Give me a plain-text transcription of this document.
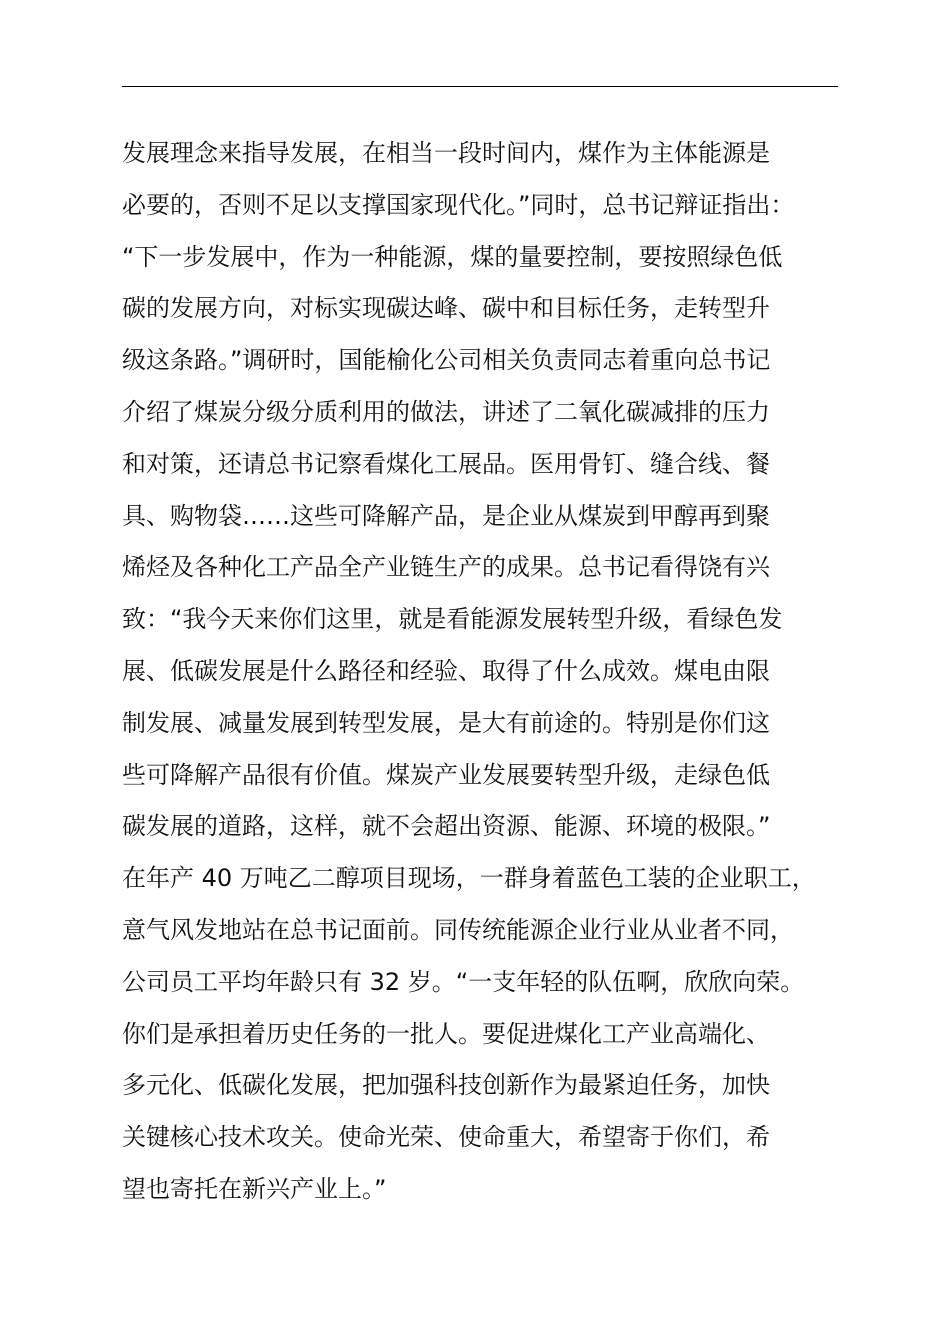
发展理念来指导发展，在相当一段时间内，煤作为主体能源是
必要的，否则不足以支撑国家现代化。”同时，总书记辩证指出：
“下一步发展中，作为一种能源，煤的量要控制，要按照绿色低
碳的发展方向，对标实现碳达峰、碳中和目标任务，走转型升
级这条路。”调研时，国能榆化公司相关负责同志着重向总书记
介绍了煤炭分级分质利用的做法，讲述了二氧化碳减排的压力
和对策，还请总书记察看煤化工展品。医用骨钉、缝合线、餐
具、购物袋……这些可降解产品，是企业从煤炭到甲醇再到聚
烯烃及各种化工产品全产业链生产的成果。总书记看得饶有兴
致：“我今天来你们这里，就是看能源发展转型升级，看绿色发
展、低碳发展是什么路径和经验、取得了什么成效。煤电由限
制发展、减量发展到转型发展，是大有前途的。特别是你们这
些可降解产品很有价值。煤炭产业发展要转型升级，走绿色低
碳发展的道路，这样，就不会超出资源、能源、环境的极限。”
在年产 40 万吨乙二醇项目现场，一群身着蓝色工装的企业职工，
意气风发地站在总书记面前。同传统能源企业行业从业者不同，
公司员工平均年龄只有 32 岁。“一支年轻的队伍啊，欣欣向荣。
你们是承担着历史任务的一批人。要促进煤化工产业高端化、
多元化、低碳化发展，把加强科技创新作为最紧迫任务，加快
关键核心技术攻关。使命光荣、使命重大，希望寄于你们，希
望也寄托在新兴产业上。”
